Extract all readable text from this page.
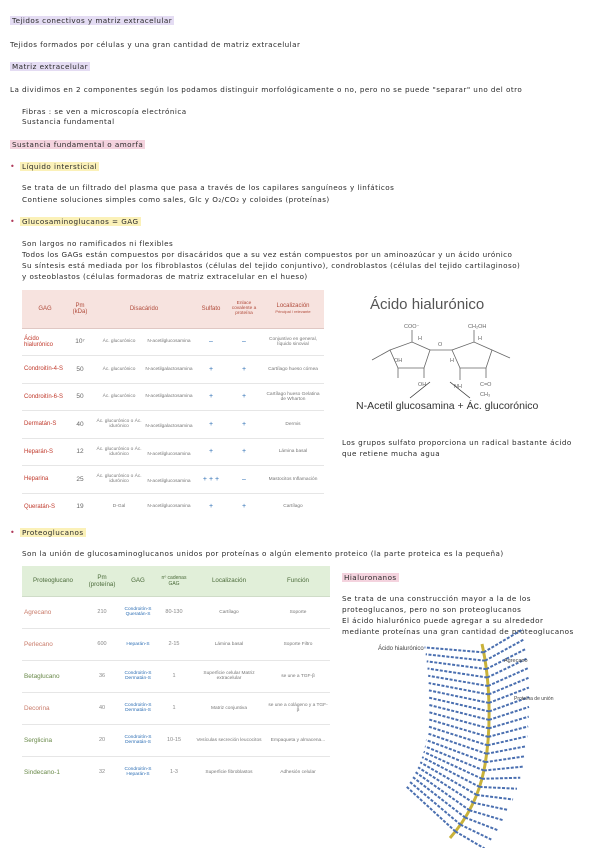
Tejidos conectivos y matriz extracelular
Tejidos formados por células y una gran cantidad de matriz extracelular
Matriz extracelular
La dividimos en 2 componentes según los podamos distinguir morfológicamente o no, pero no se puede "separar" uno del otro
Fibras : se ven a microscopía electrónica
Sustancia fundamental
Sustancia fundamental o amorfa
• Líquido intersticial
Se trata de un filtrado del plasma que pasa a través de los capilares sanguíneos y linfáticos
Contiene soluciones simples como sales, Glc y O₂/CO₂ y coloides (proteínas)
• Glucosaminoglucanos = GAG
Son largos no ramificados ni flexibles
Todos los GAGs están compuestos por disacáridos que a su vez están compuestos por un aminoazúcar y un ácido urónico
Su síntesis está mediada por los fibroblastos (células del tejido conjuntivo), condroblastos (células del tejido cartilaginoso)
y osteoblastos (células formadoras de matriz extracelular en el hueso)
GAG	Pm (kDa)	Disacárido	Sulfato	Enlace covalente a proteína	Localización
Principal / relevante
Ácido hialurónico	10⁷	Ác. glucurónico N-acetilglucosamina	–	–	Conjuntivo en general, líquido sinovial
Condroitín-4-S	50	Ác. glucurónico N-acetilgalactosamina	+	+	Cartílago hueso córnea
Condroitín-6-S	50	Ác. glucurónico N-acetilgalactosamina	+	+	Cartílago hueso Gelatina de Wharton
Dermatán-S	40	Ác. glucurónico o Ác. idurónico N-acetilgalactosamina	+	+	Dermis
Heparán-S	12	Ác. glucurónico o Ác. idurónico N-acetilglucosamina	+	+	Lámina basal
Heparina	25	Ác. glucurónico o Ác. idurónico N-acetilglucosamina	+ + +	–	Mastocitos Inflamación
Queratán-S	19	D-Gal N-acetilglucosamina	+	+	Cartílago
Ácido hialurónico
COO⁻	CH₂OH
H	H
OH	H
OH	NH	C=O
O
CH₃
N-Acetil glucosamina + Ác. glucorónico
Los grupos sulfato proporciona un radical bastante ácido
que retiene mucha agua
• Proteoglucanos
Son la unión de glucosaminoglucanos unidos por proteínas o algún elemento proteico (la parte proteica es la pequeña)
Proteoglucano	Pm (proteína)	GAG	nº cadenas GAG	Localización	Función
Agrecano	210	Condroitín-S Queratán-S	80-130	Cartílago	Soporte
Perlecano	600	Heparán-S	2-15	Lámina basal	Soporte Filtro
Betaglucano	36	Condroitín-S Dermatán-S	1	Superficie celular Matriz extracelular	se une a TGF-β
Decorina	40	Condroitín-S Dermatán-S	1	Matriz conjuntiva	se une a colágeno y a TGF-β
Serglicina	20	Condroitín-S Dermatán-S	10-15	Vesículas secreción leucocitos	Empaqueta y almacena...
Sindecano-1	32	Condroitín-S Heparán-S	1-3	Superficie fibroblastos	Adhesión celular
Hialuronanos
Se trata de una construcción mayor a la de los
proteoglucanos, pero no son proteoglucanos
El ácido hialurónico puede agregar a su alrededor
mediante proteínas una gran cantidad de proteoglucanos
Ácido hialurónico
Agrecano
Proteína de unión
